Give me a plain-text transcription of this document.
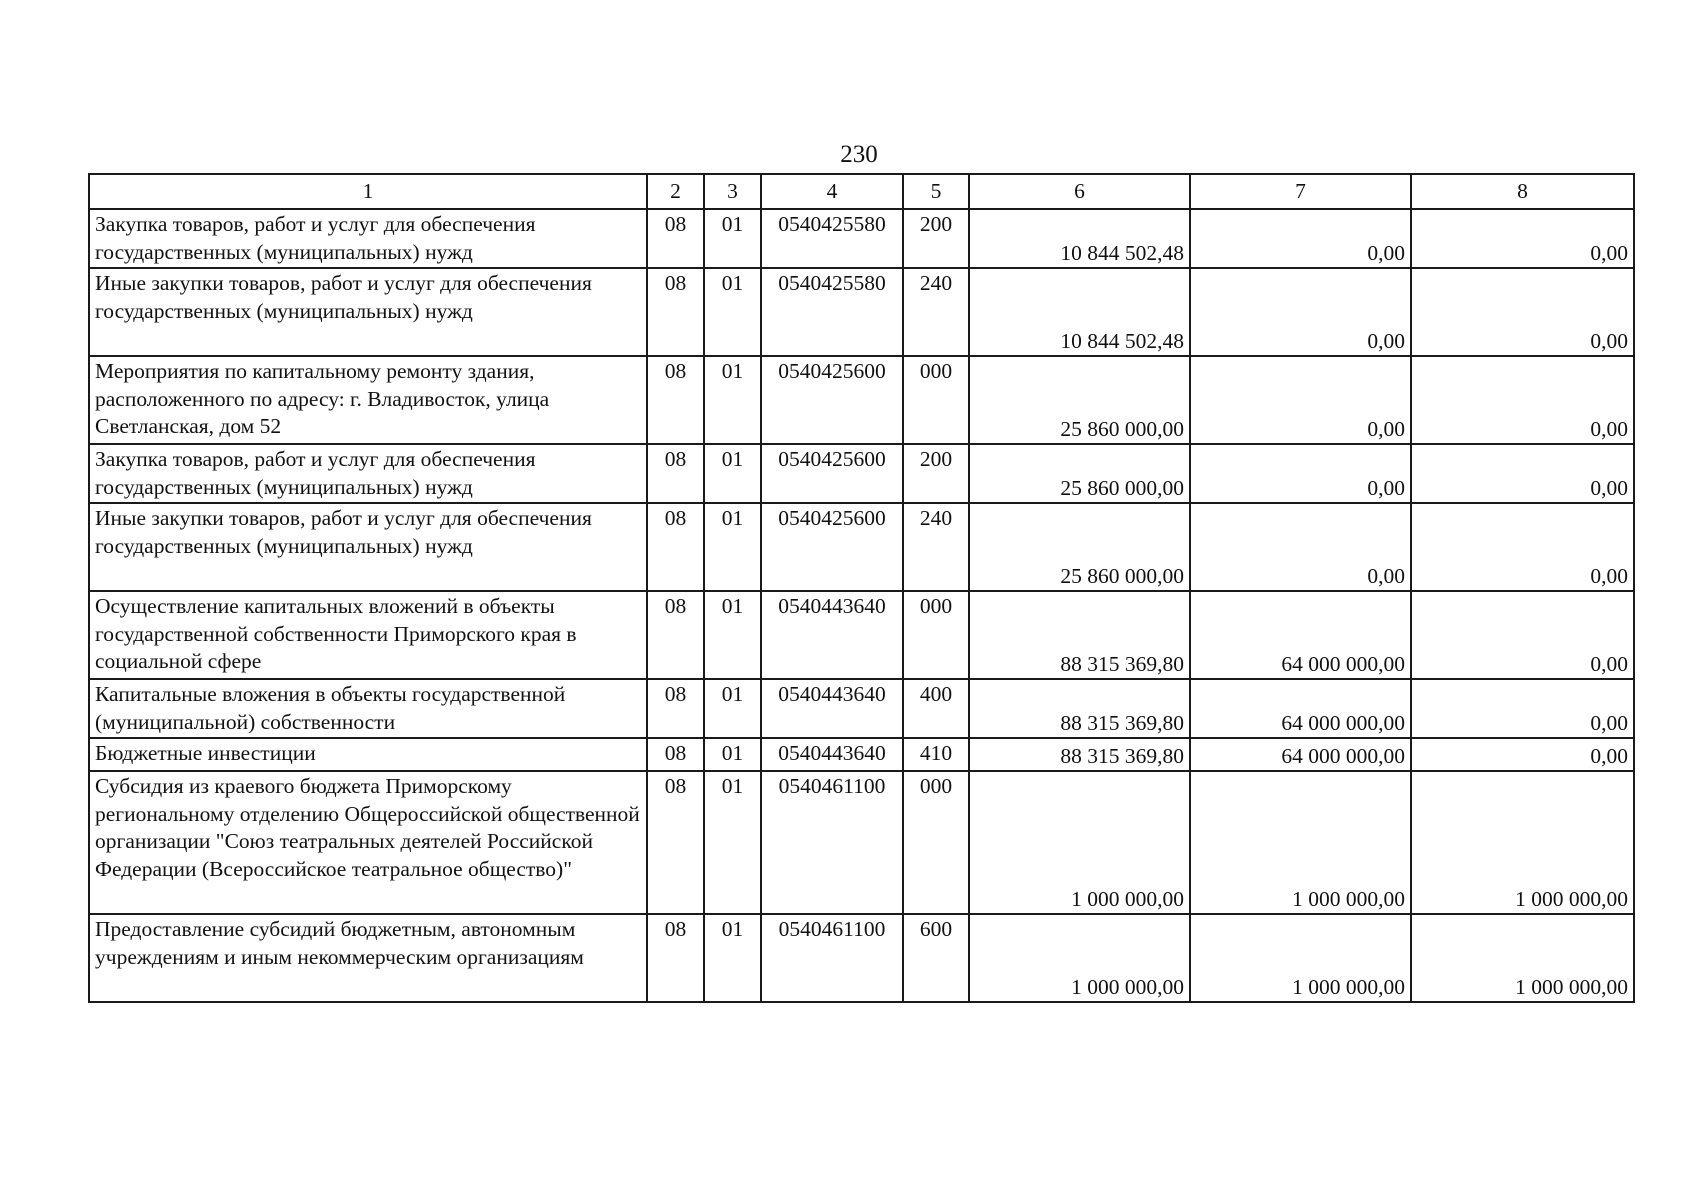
230
1	2	3	4	5	6	7	8
Закупка товаров, работ и услуг для обеспечения государственных (муниципальных) нужд	08	01	0540425580	200	10 844 502,48	0,00	0,00
Иные закупки товаров, работ и услуг для обеспечения государственных (муниципальных) нужд	08	01	0540425580	240	10 844 502,48	0,00	0,00
Мероприятия по капитальному ремонту здания, расположенного по адресу: г. Владивосток, улица Светланская, дом 52	08	01	0540425600	000	25 860 000,00	0,00	0,00
Закупка товаров, работ и услуг для обеспечения государственных (муниципальных) нужд	08	01	0540425600	200	25 860 000,00	0,00	0,00
Иные закупки товаров, работ и услуг для обеспечения государственных (муниципальных) нужд	08	01	0540425600	240	25 860 000,00	0,00	0,00
Осуществление капитальных вложений в объекты государственной собственности Приморского края в социальной сфере	08	01	0540443640	000	88 315 369,80	64 000 000,00	0,00
Капитальные вложения в объекты государственной (муниципальной) собственности	08	01	0540443640	400	88 315 369,80	64 000 000,00	0,00
Бюджетные инвестиции	08	01	0540443640	410	88 315 369,80	64 000 000,00	0,00
Субсидия из краевого бюджета Приморскому региональному отделению Общероссийской общественной организации "Союз театральных деятелей Российской Федерации (Всероссийское театральное общество)"	08	01	0540461100	000	1 000 000,00	1 000 000,00	1 000 000,00
Предоставление субсидий бюджетным, автономным учреждениям и иным некоммерческим организациям	08	01	0540461100	600	1 000 000,00	1 000 000,00	1 000 000,00
